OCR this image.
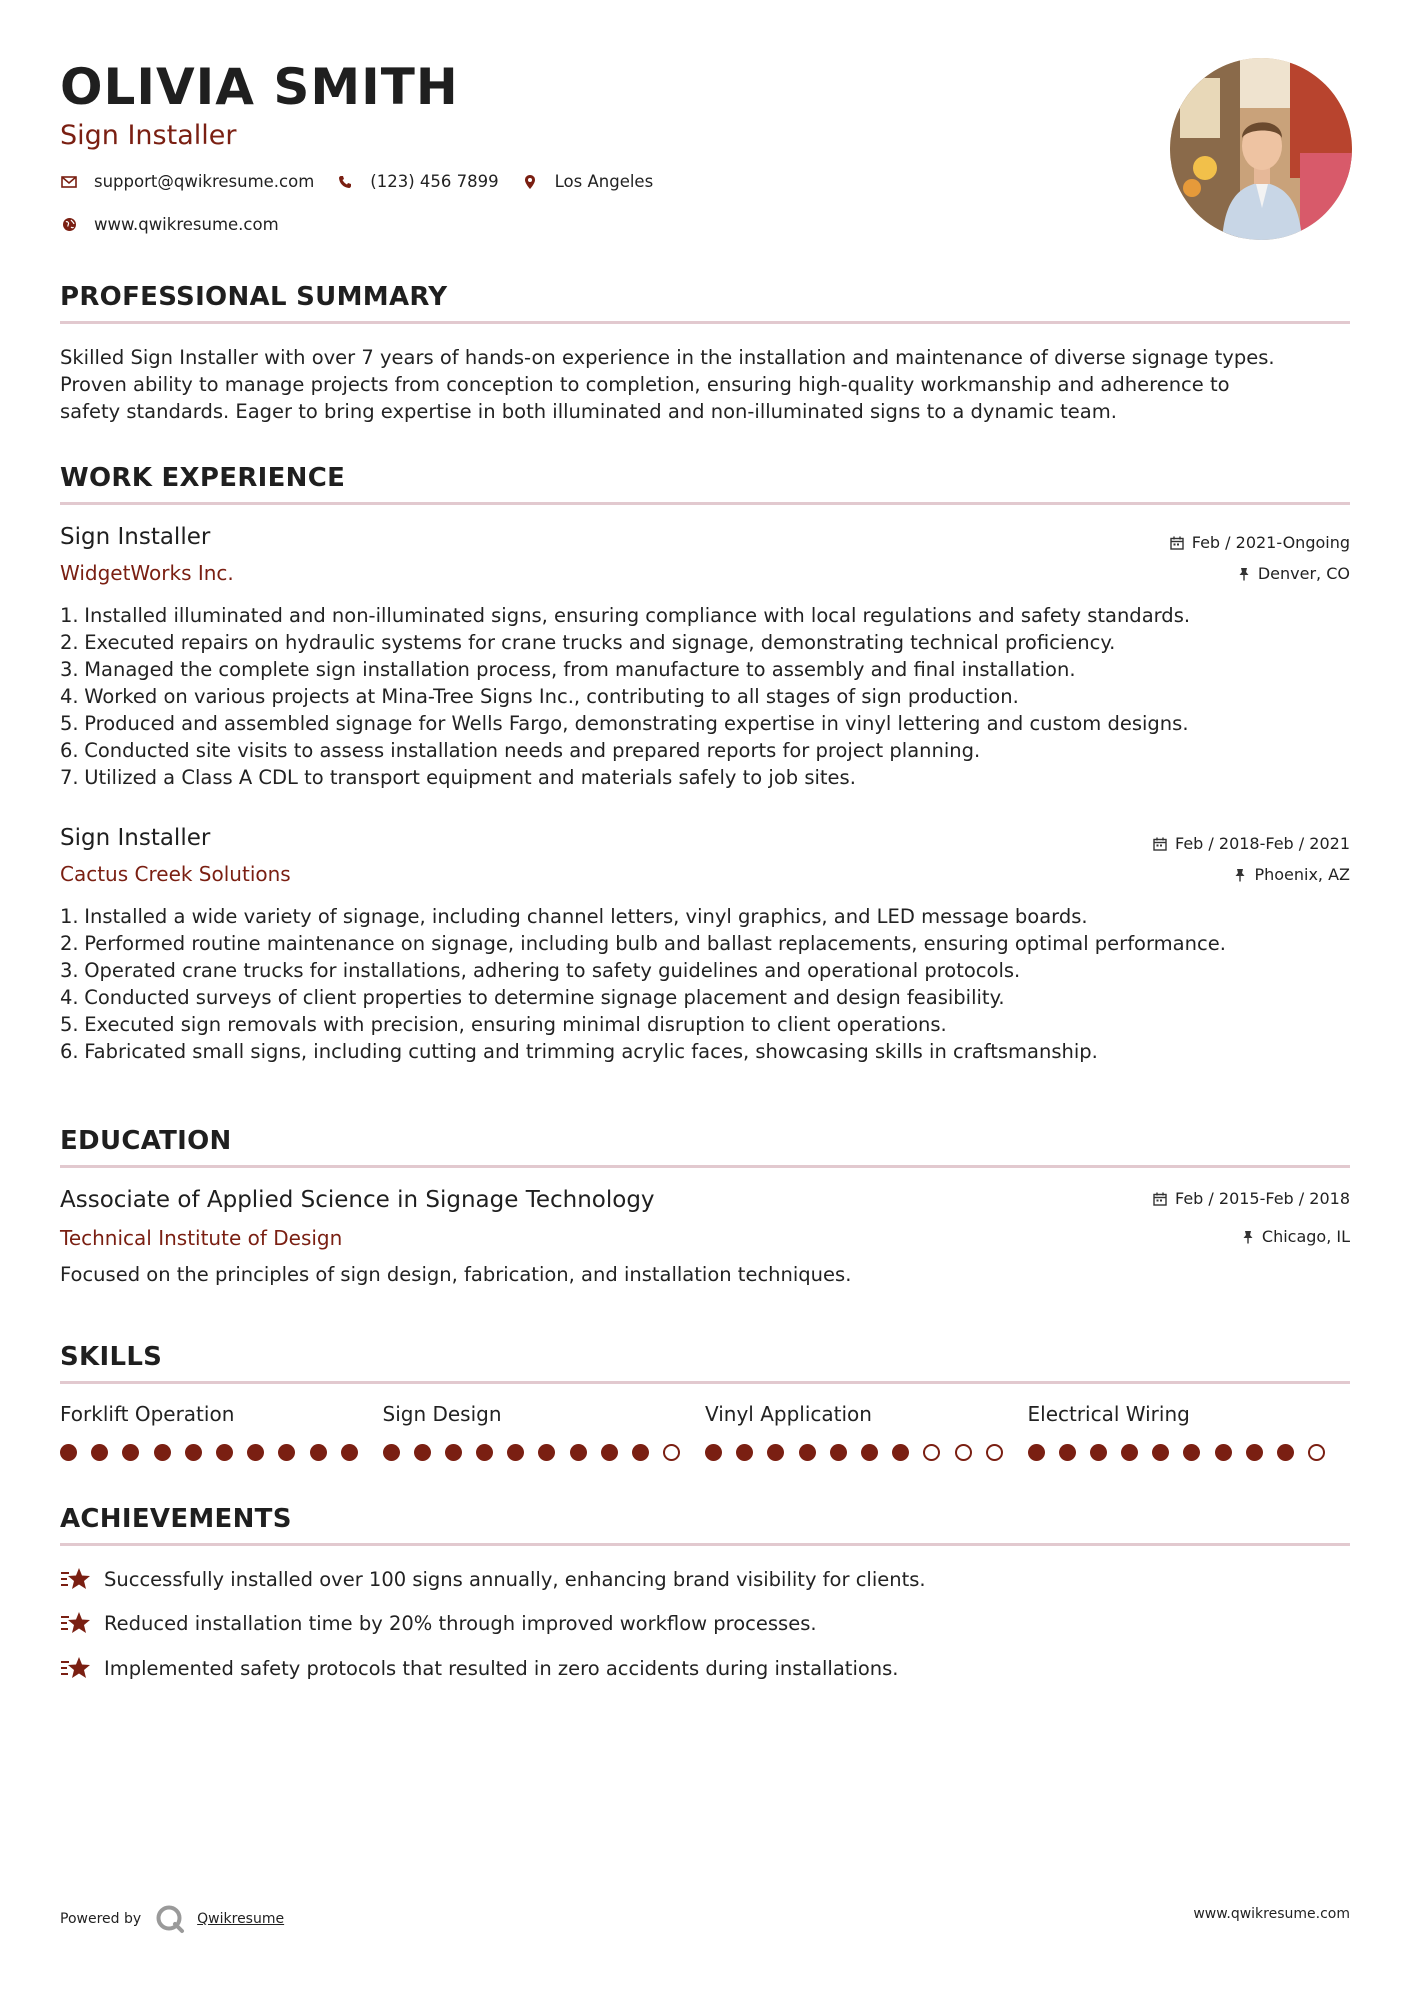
OLIVIA SMITH
Sign Installer
support@qwikresume.com	(123) 456 7899	Los Angeles
www.qwikresume.com
PROFESSIONAL SUMMARY
Skilled Sign Installer with over 7 years of hands-on experience in the installation and maintenance of diverse signage types.
Proven ability to manage projects from conception to completion, ensuring high-quality workmanship and adherence to
safety standards. Eager to bring expertise in both illuminated and non-illuminated signs to a dynamic team.
WORK EXPERIENCE
Sign Installer	Feb / 2021-Ongoing
WidgetWorks Inc.	Denver, CO
1. Installed illuminated and non-illuminated signs, ensuring compliance with local regulations and safety standards.
2. Executed repairs on hydraulic systems for crane trucks and signage, demonstrating technical proficiency.
3. Managed the complete sign installation process, from manufacture to assembly and final installation.
4. Worked on various projects at Mina-Tree Signs Inc., contributing to all stages of sign production.
5. Produced and assembled signage for Wells Fargo, demonstrating expertise in vinyl lettering and custom designs.
6. Conducted site visits to assess installation needs and prepared reports for project planning.
7. Utilized a Class A CDL to transport equipment and materials safely to job sites.
Sign Installer	Feb / 2018-Feb / 2021
Cactus Creek Solutions	Phoenix, AZ
1. Installed a wide variety of signage, including channel letters, vinyl graphics, and LED message boards.
2. Performed routine maintenance on signage, including bulb and ballast replacements, ensuring optimal performance.
3. Operated crane trucks for installations, adhering to safety guidelines and operational protocols.
4. Conducted surveys of client properties to determine signage placement and design feasibility.
5. Executed sign removals with precision, ensuring minimal disruption to client operations.
6. Fabricated small signs, including cutting and trimming acrylic faces, showcasing skills in craftsmanship.
EDUCATION
Associate of Applied Science in Signage Technology	Feb / 2015-Feb / 2018
Technical Institute of Design	Chicago, IL
Focused on the principles of sign design, fabrication, and installation techniques.
SKILLS
Forklift Operation	Sign Design	Vinyl Application	Electrical Wiring
ACHIEVEMENTS
Successfully installed over 100 signs annually, enhancing brand visibility for clients.
Reduced installation time by 20% through improved workflow processes.
Implemented safety protocols that resulted in zero accidents during installations.
Powered by	Qwikresume	www.qwikresume.com
